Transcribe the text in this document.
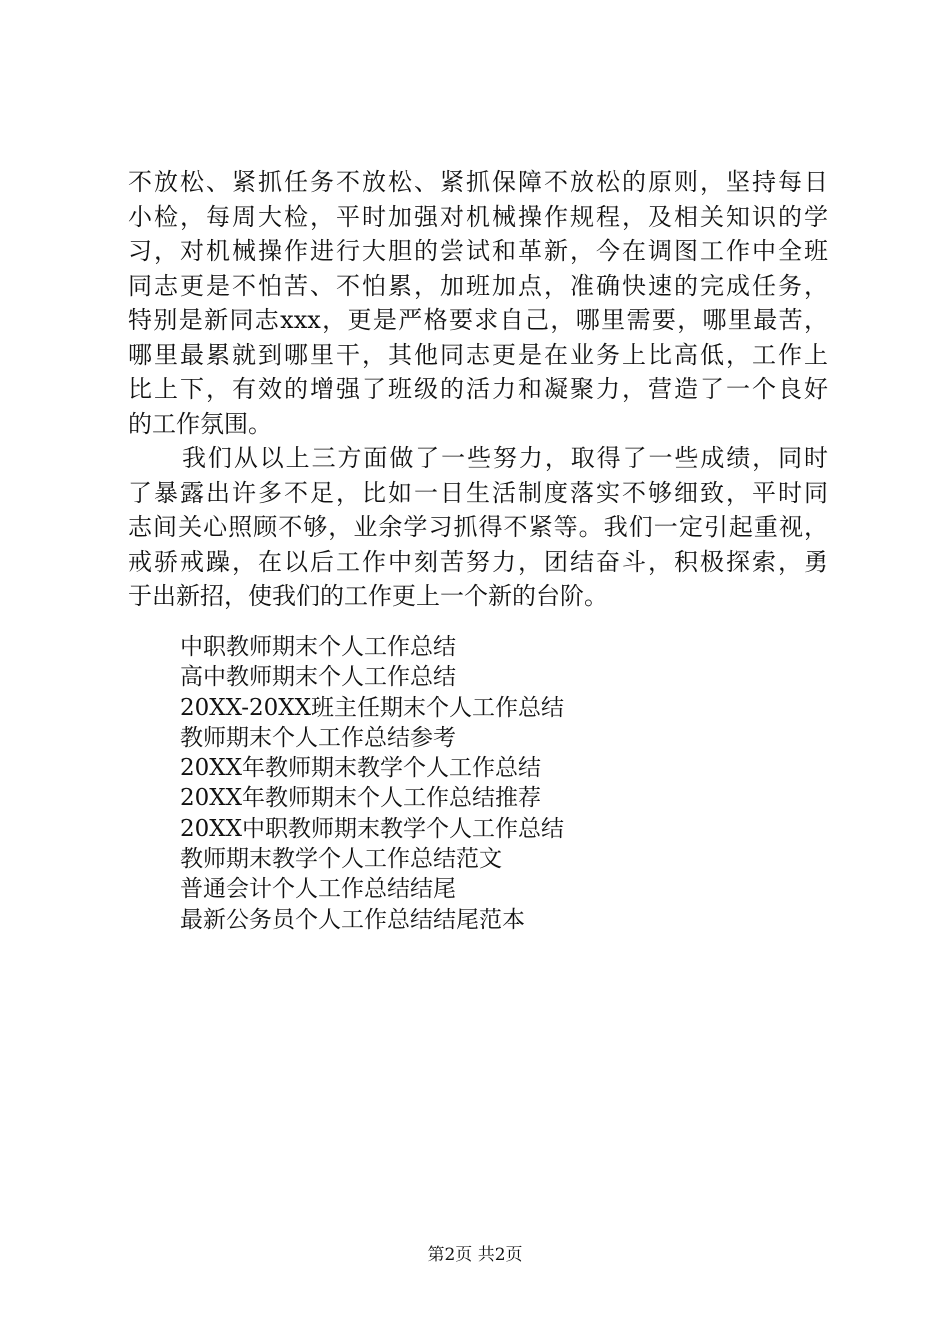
不放松、紧抓任务不放松、紧抓保障不放松的原则，坚持每日
小检，每周大检，平时加强对机械操作规程，及相关知识的学
习，对机械操作进行大胆的尝试和革新，今在调图工作中全班
同志更是不怕苦、不怕累，加班加点，准确快速的完成任务，
特别是新同志xxx，更是严格要求自己，哪里需要，哪里最苦，
哪里最累就到哪里干，其他同志更是在业务上比高低，工作上
比上下，有效的增强了班级的活力和凝聚力，营造了一个良好
的工作氛围。
我们从以上三方面做了一些努力，取得了一些成绩，同时
了暴露出许多不足，比如一日生活制度落实不够细致，平时同
志间关心照顾不够，业余学习抓得不紧等。我们一定引起重视，
戒骄戒躁，在以后工作中刻苦努力，团结奋斗，积极探索，勇
于出新招，使我们的工作更上一个新的台阶。
中职教师期末个人工作总结
高中教师期末个人工作总结
20XX-20XX班主任期末个人工作总结
教师期末个人工作总结参考
20XX年教师期末教学个人工作总结
20XX年教师期末个人工作总结推荐
20XX中职教师期末教学个人工作总结
教师期末教学个人工作总结范文
普通会计个人工作总结结尾
最新公务员个人工作总结结尾范本
第2页 共2页
